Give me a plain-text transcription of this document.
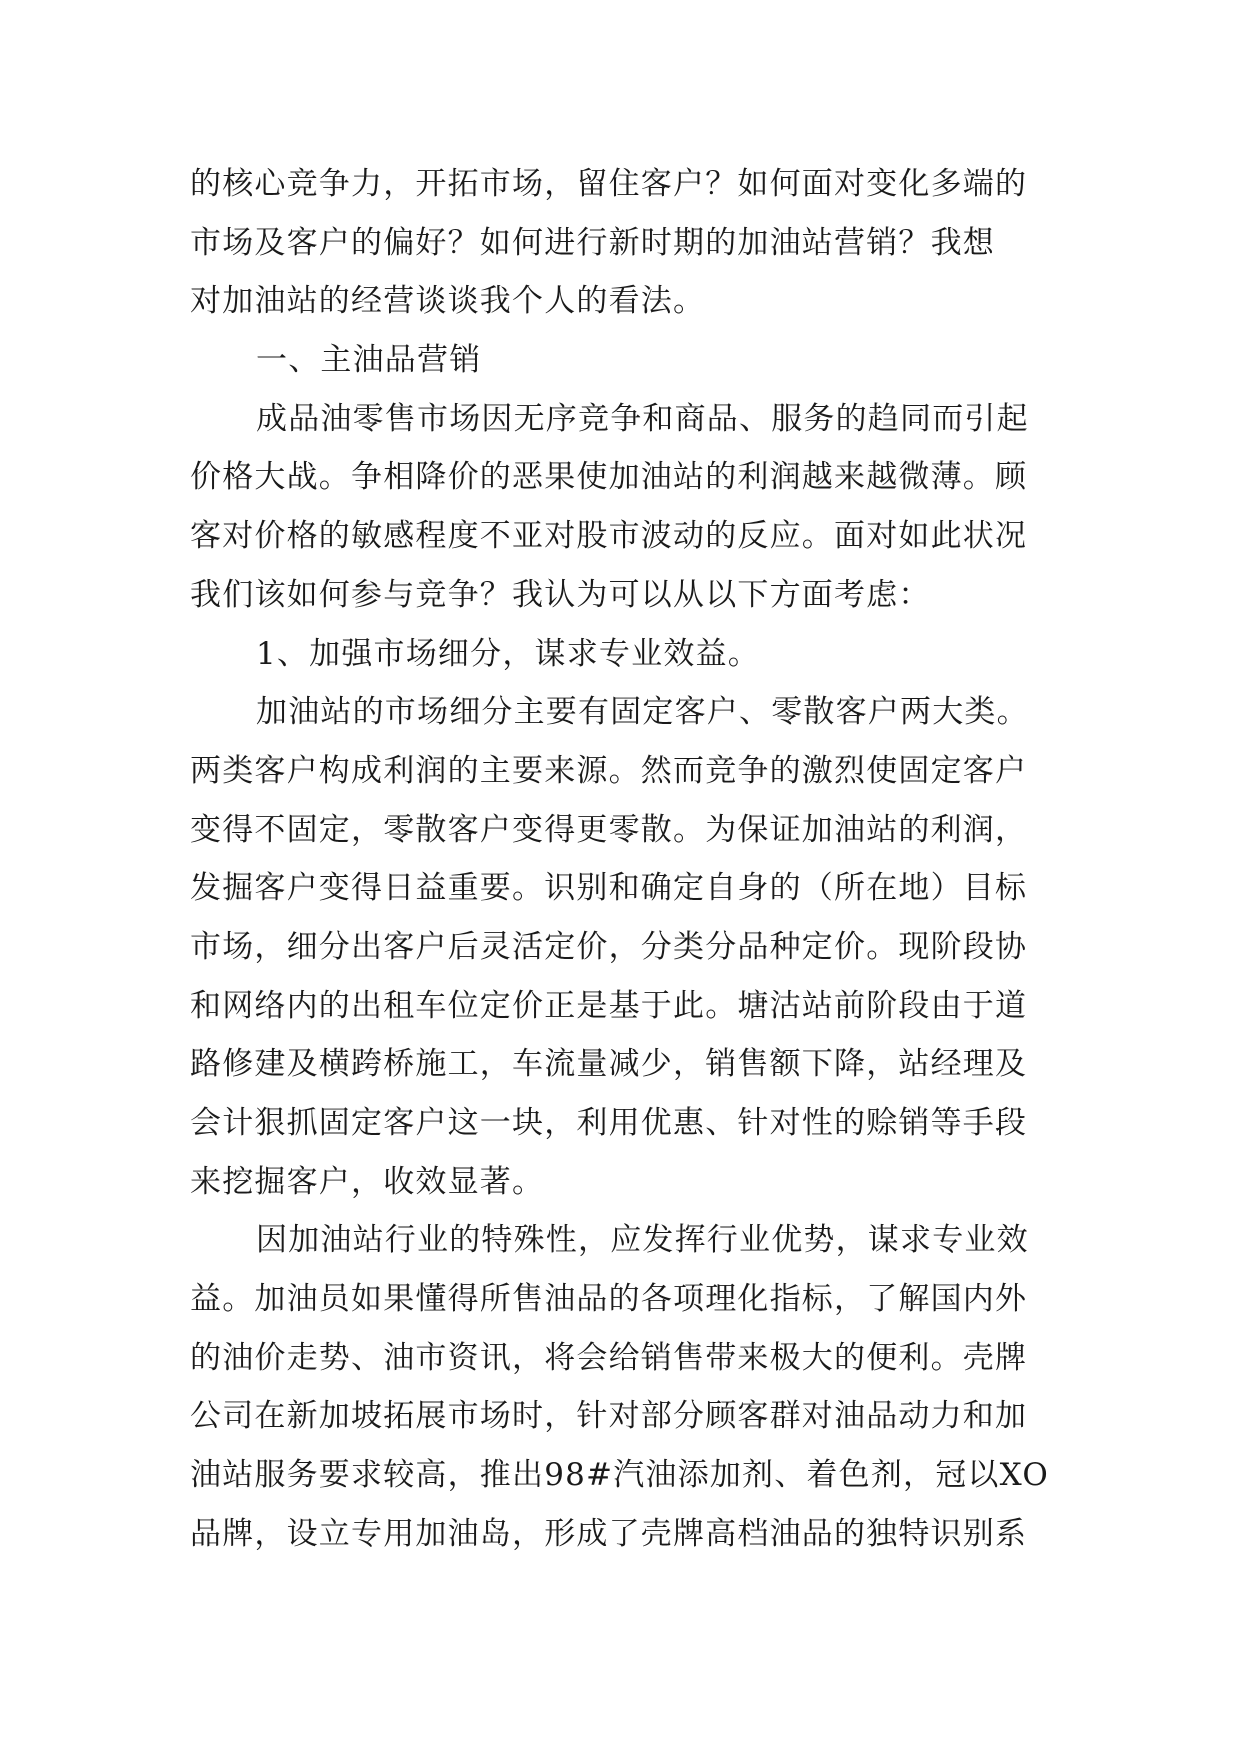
的核心竞争力，开拓市场，留住客户？如何面对变化多端的
市场及客户的偏好？如何进行新时期的加油站营销？我想
对加油站的经营谈谈我个人的看法。
一、主油品营销
成品油零售市场因无序竞争和商品、服务的趋同而引起
价格大战。争相降价的恶果使加油站的利润越来越微薄。顾
客对价格的敏感程度不亚对股市波动的反应。面对如此状况
我们该如何参与竞争？我认为可以从以下方面考虑：
1、加强市场细分，谋求专业效益。
加油站的市场细分主要有固定客户、零散客户两大类。
两类客户构成利润的主要来源。然而竞争的激烈使固定客户
变得不固定，零散客户变得更零散。为保证加油站的利润，
发掘客户变得日益重要。识别和确定自身的（所在地）目标
市场，细分出客户后灵活定价，分类分品种定价。现阶段协
和网络内的出租车位定价正是基于此。塘沽站前阶段由于道
路修建及横跨桥施工，车流量减少，销售额下降，站经理及
会计狠抓固定客户这一块，利用优惠、针对性的赊销等手段
来挖掘客户，收效显著。
因加油站行业的特殊性，应发挥行业优势，谋求专业效
益。加油员如果懂得所售油品的各项理化指标，了解国内外
的油价走势、油市资讯，将会给销售带来极大的便利。壳牌
公司在新加坡拓展市场时，针对部分顾客群对油品动力和加
油站服务要求较高，推出98#汽油添加剂、着色剂，冠以XO
品牌，设立专用加油岛，形成了壳牌高档油品的独特识别系
